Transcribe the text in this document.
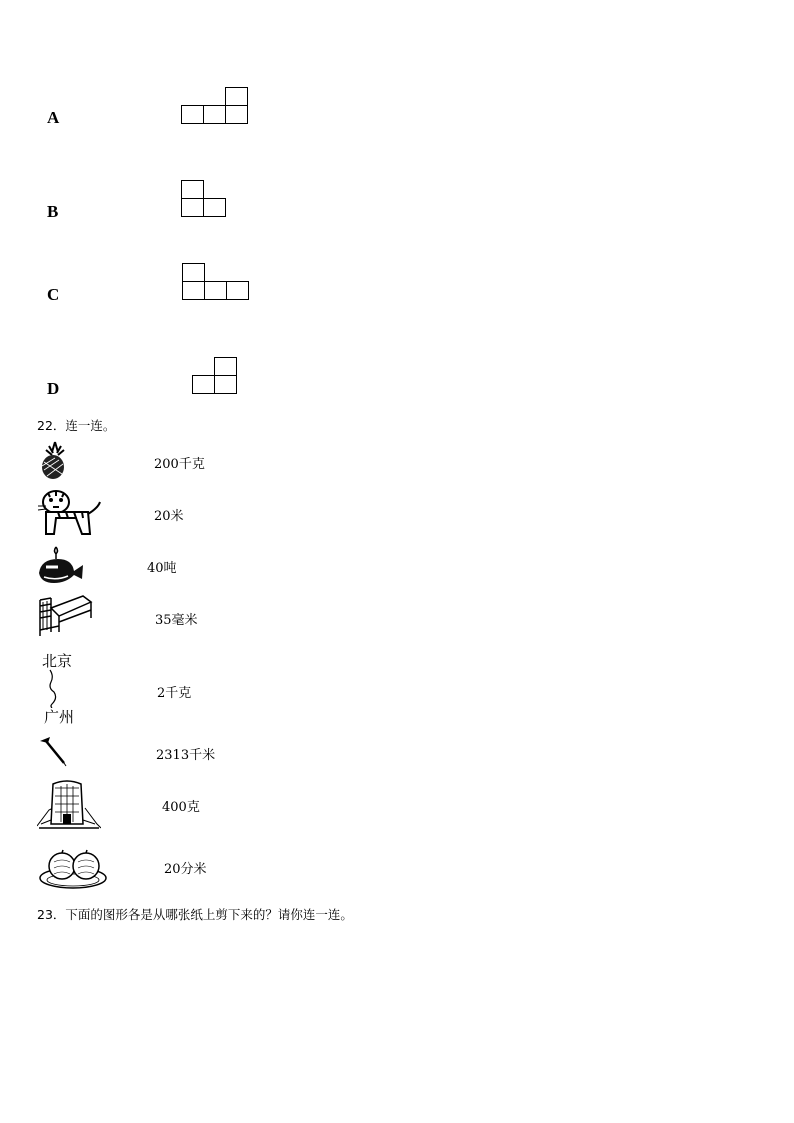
A
B
C
D
22．连一连。
北京
广州
200千克
20米
40吨
35毫米
2千克
2313千米
400克
20分米
23．下面的图形各是从哪张纸上剪下来的？请你连一连。
